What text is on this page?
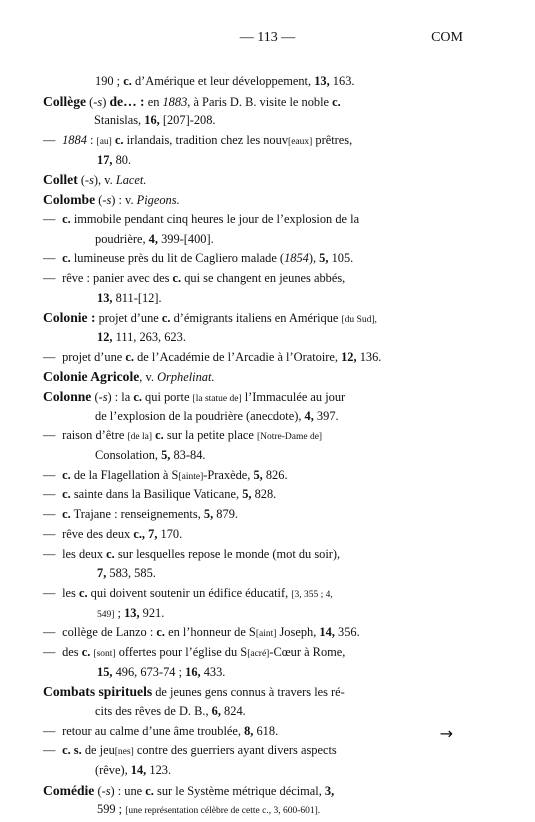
— 113 —	COM
190 ; c. d’Amérique et leur développement, 13, 163.
Collège (-s) de… : en 1883, à Paris D. B. visite le noble c.
Stanislas, 16, [207]-208.
— 1884 : [au] c. irlandais, tradition chez les nouv[eaux] prêtres,
17, 80.
Collet (-s), v. Lacet.
Colombe (-s) : v. Pigeons.
— c. immobile pendant cinq heures le jour de l’explosion de la
poudrière, 4, 399-[400].
— c. lumineuse près du lit de Cagliero malade (1854), 5, 105.
— rêve : panier avec des c. qui se changent en jeunes abbés,
13, 811-[12].
Colonie : projet d’une c. d’émigrants italiens en Amérique [du Sud],
12, 111, 263, 623.
— projet d’une c. de l’Académie de l’Arcadie à l’Oratoire, 12, 136.
Colonie Agricole, v. Orphelinat.
Colonne (-s) : la c. qui porte [la statue de] l’Immaculée au jour
de l’explosion de la poudrière (anecdote), 4, 397.
— raison d’être [de la] c. sur la petite place [Notre-Dame de]
Consolation, 5, 83-84.
— c. de la Flagellation à S[ainte]-Praxède, 5, 826.
— c. sainte dans la Basilique Vaticane, 5, 828.
— c. Trajane : renseignements, 5, 879.
— rêve des deux c., 7, 170.
— les deux c. sur lesquelles repose le monde (mot du soir),
7, 583, 585.
— les c. qui doivent soutenir un édifice éducatif, [3, 355 ; 4,
549] ; 13, 921.
— collège de Lanzo : c. en l’honneur de S[aint] Joseph, 14, 356.
— des c. [sont] offertes pour l’église du S[acré]-Cœur à Rome,
15, 496, 673-74 ; 16, 433.
Combats spirituels de jeunes gens connus à travers les ré-
cits des rêves de D. B., 6, 824.
— retour au calme d’une âme troublée, 8, 618.
— c. s. de jeu[nes] contre des guerriers ayant divers aspects
(rêve), 14, 123.
Comédie (-s) : une c. sur le Système métrique décimal, 3,
599 ; [une représentation célèbre de cette c., 3, 600-601].
→
